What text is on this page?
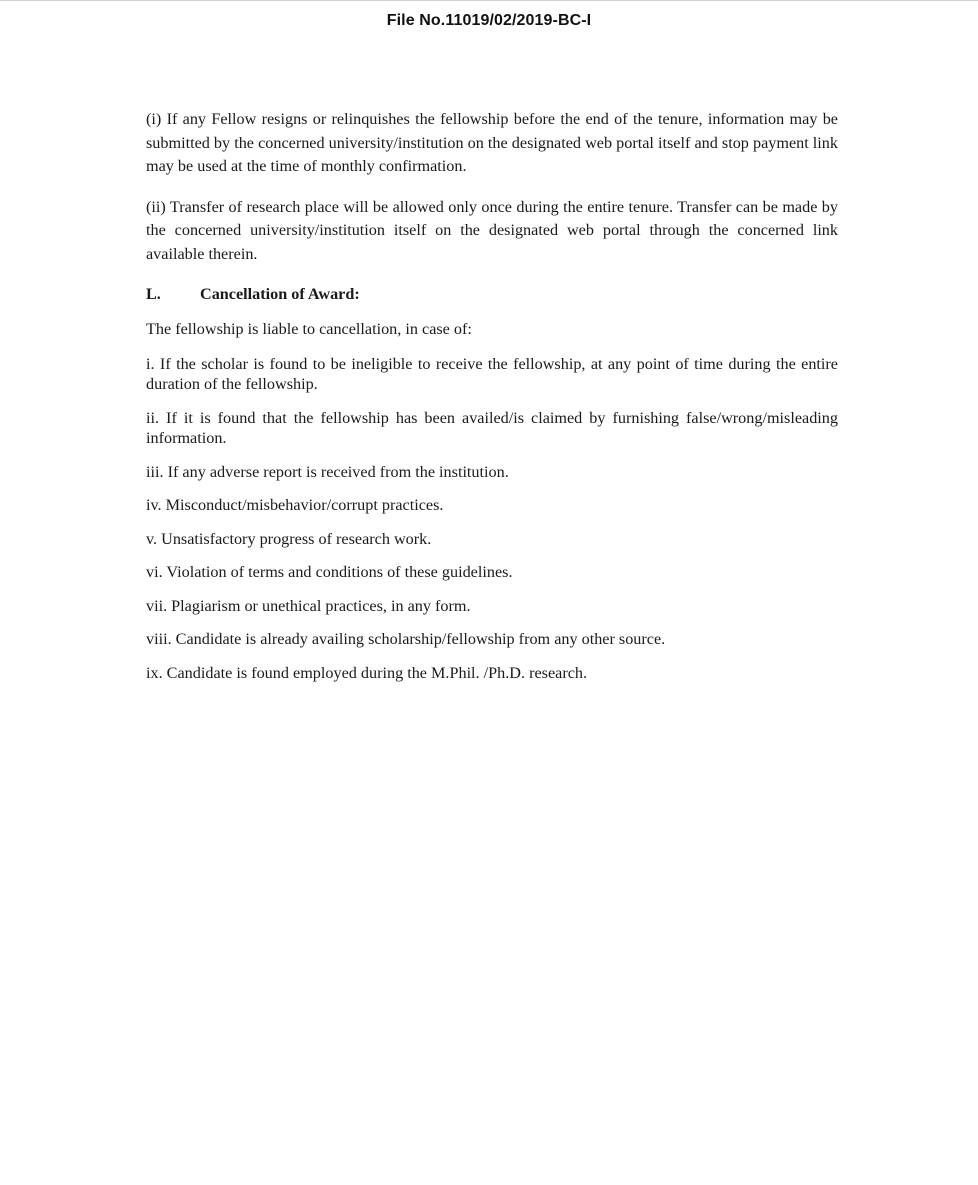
File No.11019/02/2019-BC-I

(i) If any Fellow resigns or relinquishes the fellowship before the end of the tenure, information may be submitted by the concerned university/institution on the designated web portal itself and stop payment link may be used at the time of monthly confirmation.

(ii) Transfer of research place will be allowed only once during the entire tenure. Transfer can be made by the concerned university/institution itself on the designated web portal through the concerned link available therein.

L.	Cancellation of Award:
The fellowship is liable to cancellation, in case of:

i. If the scholar is found to be ineligible to receive the fellowship, at any point of time during the entire duration of the fellowship.

ii. If it is found that the fellowship has been availed/is claimed by furnishing false/wrong/misleading information.

iii. If any adverse report is received from the institution.

iv. Misconduct/misbehavior/corrupt practices.

v. Unsatisfactory progress of research work.

vi. Violation of terms and conditions of these guidelines.

vii. Plagiarism or unethical practices, in any form.

viii. Candidate is already availing scholarship/fellowship from any other source.

ix. Candidate is found employed during the M.Phil. /Ph.D. research.
